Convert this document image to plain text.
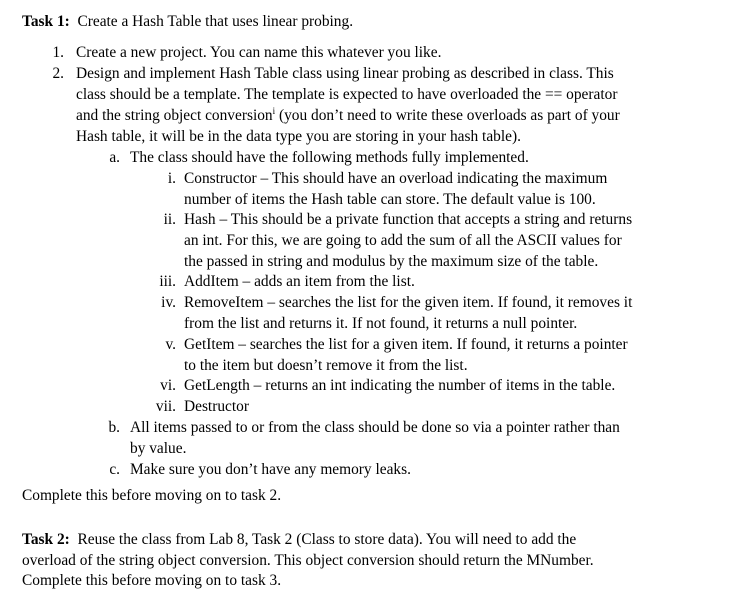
Task 1: Create a Hash Table that uses linear probing.
1. Create a new project. You can name this whatever you like.
2. Design and implement Hash Table class using linear probing as described in class. This
class should be a template. The template is expected to have overloaded the == operator
and the string object conversion$^i$ (you don’t need to write these overloads as part of your
Hash table, it will be in the data type you are storing in your hash table).
a. The class should have the following methods fully implemented.
i. Constructor – This should have an overload indicating the maximum
number of items the Hash table can store. The default value is 100.
ii. Hash – This should be a private function that accepts a string and returns
an int. For this, we are going to add the sum of all the ASCII values for
the passed in string and modulus by the maximum size of the table.
iii. AddItem – adds an item from the list.
iv. RemoveItem – searches the list for the given item. If found, it removes it
from the list and returns it. If not found, it returns a null pointer.
v. GetItem – searches the list for a given item. If found, it returns a pointer
to the item but doesn’t remove it from the list.
vi. GetLength – returns an int indicating the number of items in the table.
vii. Destructor
b. All items passed to or from the class should be done so via a pointer rather than
by value.
c. Make sure you don’t have any memory leaks.
Complete this before moving on to task 2.
Task 2: Reuse the class from Lab 8, Task 2 (Class to store data). You will need to add the
overload of the string object conversion. This object conversion should return the MNumber.
Complete this before moving on to task 3.
